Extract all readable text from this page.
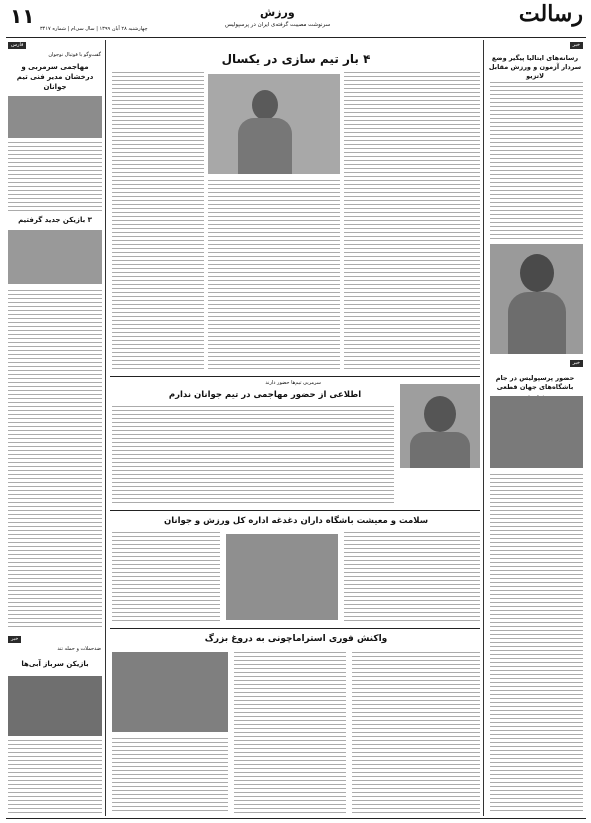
۱۱
چهارشنبه ۲۸ آبان ۱۳۹۹ | سال سی‌ام | شماره ۳۴۱۷
ورزش
سرنوشت مصیبت گرفته‌ی ایران در پرسپولیس	رسالت
خبر
رسانه‌های ایتالیا پیگیر وضع سردار آزمون و ورزش مقابل لاتزیو
خبر
حضور پرسپولیس در جام باشگاه‌های جهان قطعی
فارس
گفت‌وگو با فوتبال نوجوان
مهاجمی سرمربی و درخشان مدیر فنی تیم جوانان
۳ بازیکن جدید گرفتیم
خبر
ضدحملات و حمله تند
بازیکن سرباز آبی‌ها
۴ بار تیم سازی در یکسال
سرمربی تیم‌ها حضور دارند
اطلاعی از حضور مهاجمی در تیم جوانان ندارم
سلامت و معیشت باشگاه داران دغدغه اداره کل ورزش و جوانان
واکنش فوری استراماچونی به دروغ بزرگ
